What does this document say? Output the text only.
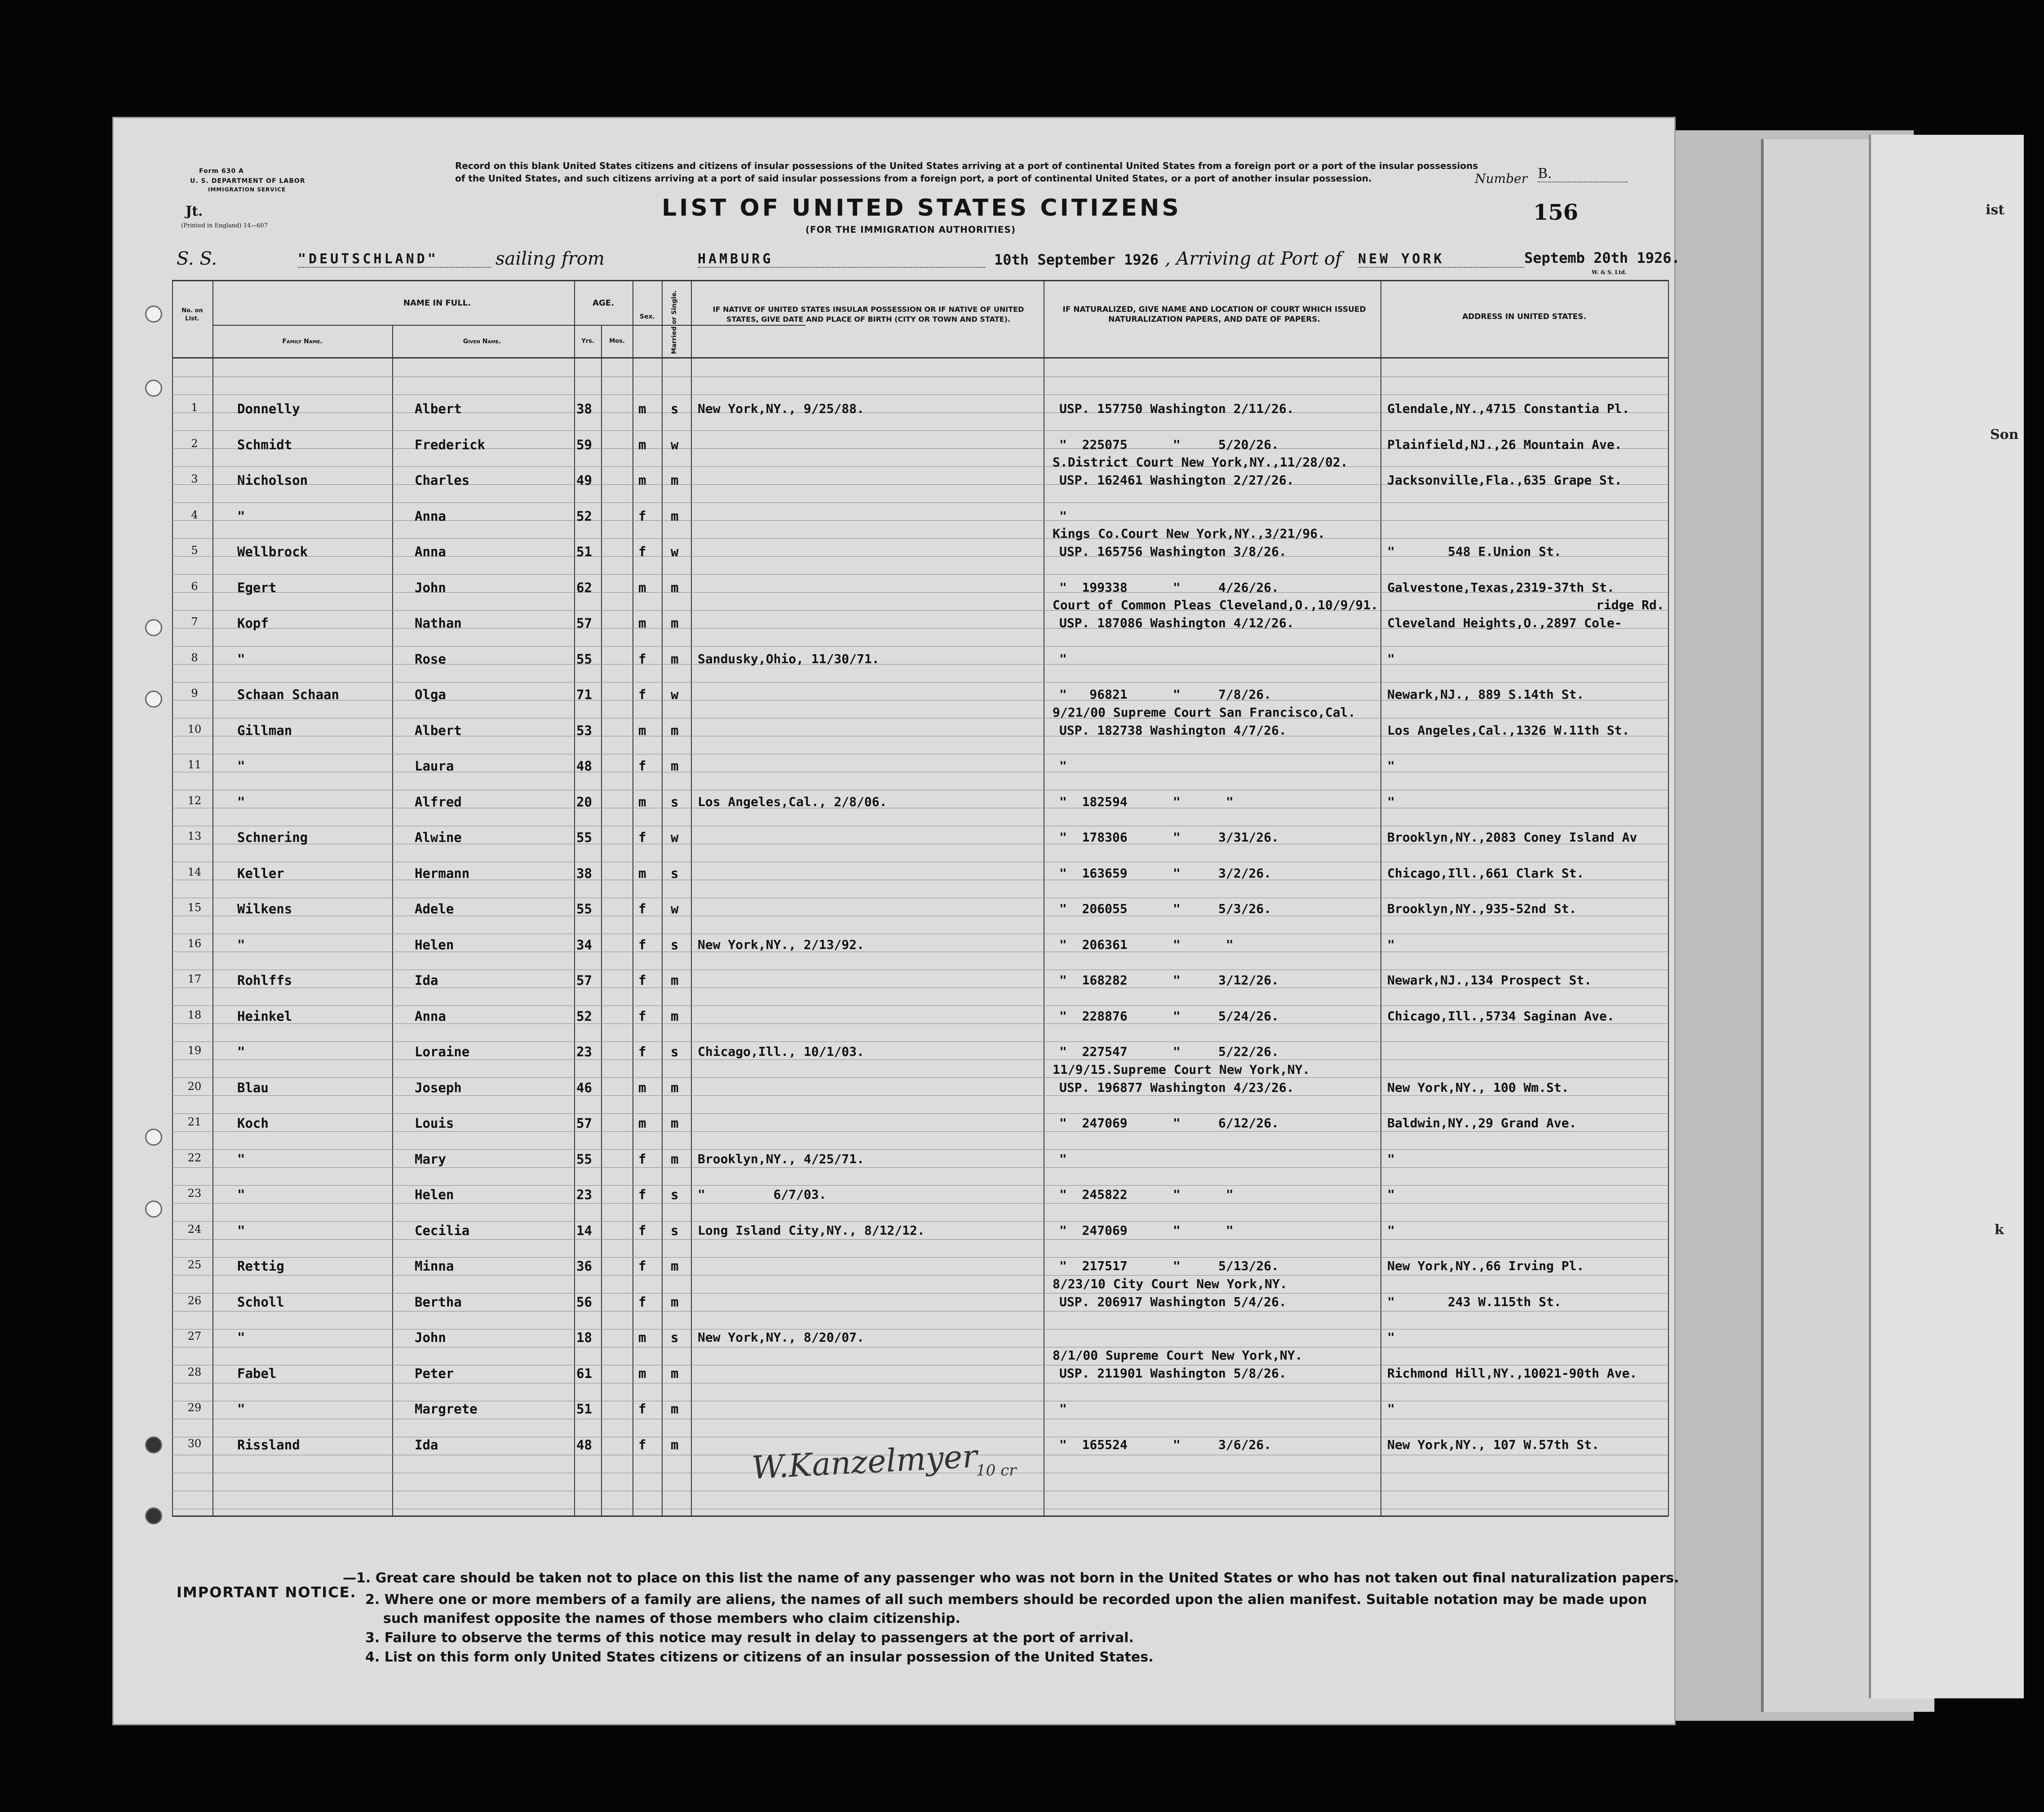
ist
Son
k
Form 630 A
U. S. DEPARTMENT OF LABOR
IMMIGRATION SERVICE
Jt.
(Printed in England) 14—607
Record on this blank United States citizens and citizens of insular possessions of the United States arriving at a port of continental United States from a foreign port or a port of the insular possessions of the United States, and such citizens arriving at a port of said insular possessions from a foreign port, a port of continental United States, or a port of another insular possession.
LIST OF UNITED STATES CITIZENS
(FOR THE IMMIGRATION AUTHORITIES)
Number B.
156
S. S.	"DEUTSCHLAND"	sailing from	HAMBURG	10th September 1926 , Arriving at Port of NEW YORK	Septemb 20th 1926.
W. & S. Ltd.
No. on List.
NAME IN FULL.
Family Name.	Given Name.
AGE.
Yrs.	Mos.
Sex.	Married or Single.	IF NATIVE OF UNITED STATES INSULAR POSSESSION OR IF NATIVE OF UNITED STATES, GIVE DATE AND PLACE OF BIRTH (CITY OR TOWN AND STATE).
IF NATURALIZED, GIVE NAME AND LOCATION OF COURT WHICH ISSUED NATURALIZATION PAPERS, AND DATE OF PAPERS.	ADDRESS IN UNITED STATES.
1	Donnelly	Albert	38	m s New York,NY., 9/25/88.	USP. 157750 Washington 2/11/26.	Glendale,NY.,4715 Constantia Pl.
2	Schmidt	Frederick	59	m w	"  225075      "     5/20/26.	Plainfield,NJ.,26 Mountain Ave.
3	Nicholson	Charles	49	m m	USP. 162461 Washington 2/27/26.	Jacksonville,Fla.,635 Grape St.
S.District Court New York,NY.,11/28/02.
4	"	Anna	52	f m	"
5	Wellbrock	Anna	51	f w	USP. 165756 Washington 3/8/26.	"       548 E.Union St.
Kings Co.Court New York,NY.,3/21/96.
6	Egert	John	62	m m	"  199338      "     4/26/26.	Galvestone,Texas,2319-37th St.
7	Kopf	Nathan	57	m m	USP. 187086 Washington 4/12/26.	Cleveland Heights,O.,2897 Cole-
Court of Common Pleas Cleveland,O.,10/9/91.	ridge Rd.
8	"	Rose	55	f m Sandusky,Ohio, 11/30/71.	"	"
9	Schaan Schaan	Olga	71	f w	"   96821      "     7/8/26.	Newark,NJ., 889 S.14th St.
10	Gillman	Albert	53	m m	USP. 182738 Washington 4/7/26.	Los Angeles,Cal.,1326 W.11th St.
9/21/00 Supreme Court San Francisco,Cal.
11	"	Laura	48	f m	"	"
12	"	Alfred	20	m s Los Angeles,Cal., 2/8/06.	"  182594      "      "	"
13	Schnering	Alwine	55	f w	"  178306      "     3/31/26.	Brooklyn,NY.,2083 Coney Island Av
14	Keller	Hermann	38	m s	"  163659      "     3/2/26.	Chicago,Ill.,661 Clark St.
15	Wilkens	Adele	55	f w	"  206055      "     5/3/26.	Brooklyn,NY.,935-52nd St.
16	"	Helen	34	f s New York,NY., 2/13/92.	"  206361      "      "	"
17	Rohlffs	Ida	57	f m	"  168282      "     3/12/26.	Newark,NJ.,134 Prospect St.
18	Heinkel	Anna	52	f m	"  228876      "     5/24/26.	Chicago,Ill.,5734 Saginan Ave.
19	"	Loraine	23	f s Chicago,Ill., 10/1/03.	"  227547      "     5/22/26.
20	Blau	Joseph	46	m m	USP. 196877 Washington 4/23/26.	New York,NY., 100 Wm.St.
11/9/15.Supreme Court New York,NY.
21	Koch	Louis	57	m m	"  247069      "     6/12/26.	Baldwin,NY.,29 Grand Ave.
22	"	Mary	55	f m Brooklyn,NY., 4/25/71.	"	"
23	"	Helen	23	f s "         6/7/03.	"  245822      "      "	"
24	"	Cecilia	14	f s Long Island City,NY., 8/12/12.	"  247069      "      "	"
25	Rettig	Minna	36	f m	"  217517      "     5/13/26.	New York,NY.,66 Irving Pl.
26	Scholl	Bertha	56	f m	USP. 206917 Washington 5/4/26.	"       243 W.115th St.
8/23/10 City Court New York,NY.
27	"	John	18	m s New York,NY., 8/20/07.	"
28	Fabel	Peter	61	m m	USP. 211901 Washington 5/8/26.	Richmond Hill,NY.,10021-90th Ave.
8/1/00 Supreme Court New York,NY.
29	"	Margrete	51	f m	"	"
30	Rissland	Ida	48	f m	"  165524      "     3/6/26.	New York,NY., 107 W.57th St.
W.Kanzelmyer
10 cr
IMPORTANT NOTICE.
—1. Great care should be taken not to place on this list the name of any passenger who was not born in the United States or who has not taken out final naturalization papers.
2. Where one or more members of a family are aliens, the names of all such members should be recorded upon the alien manifest. Suitable notation may be made upon
such manifest opposite the names of those members who claim citizenship.
3. Failure to observe the terms of this notice may result in delay to passengers at the port of arrival.
4. List on this form only United States citizens or citizens of an insular possession of the United States.
